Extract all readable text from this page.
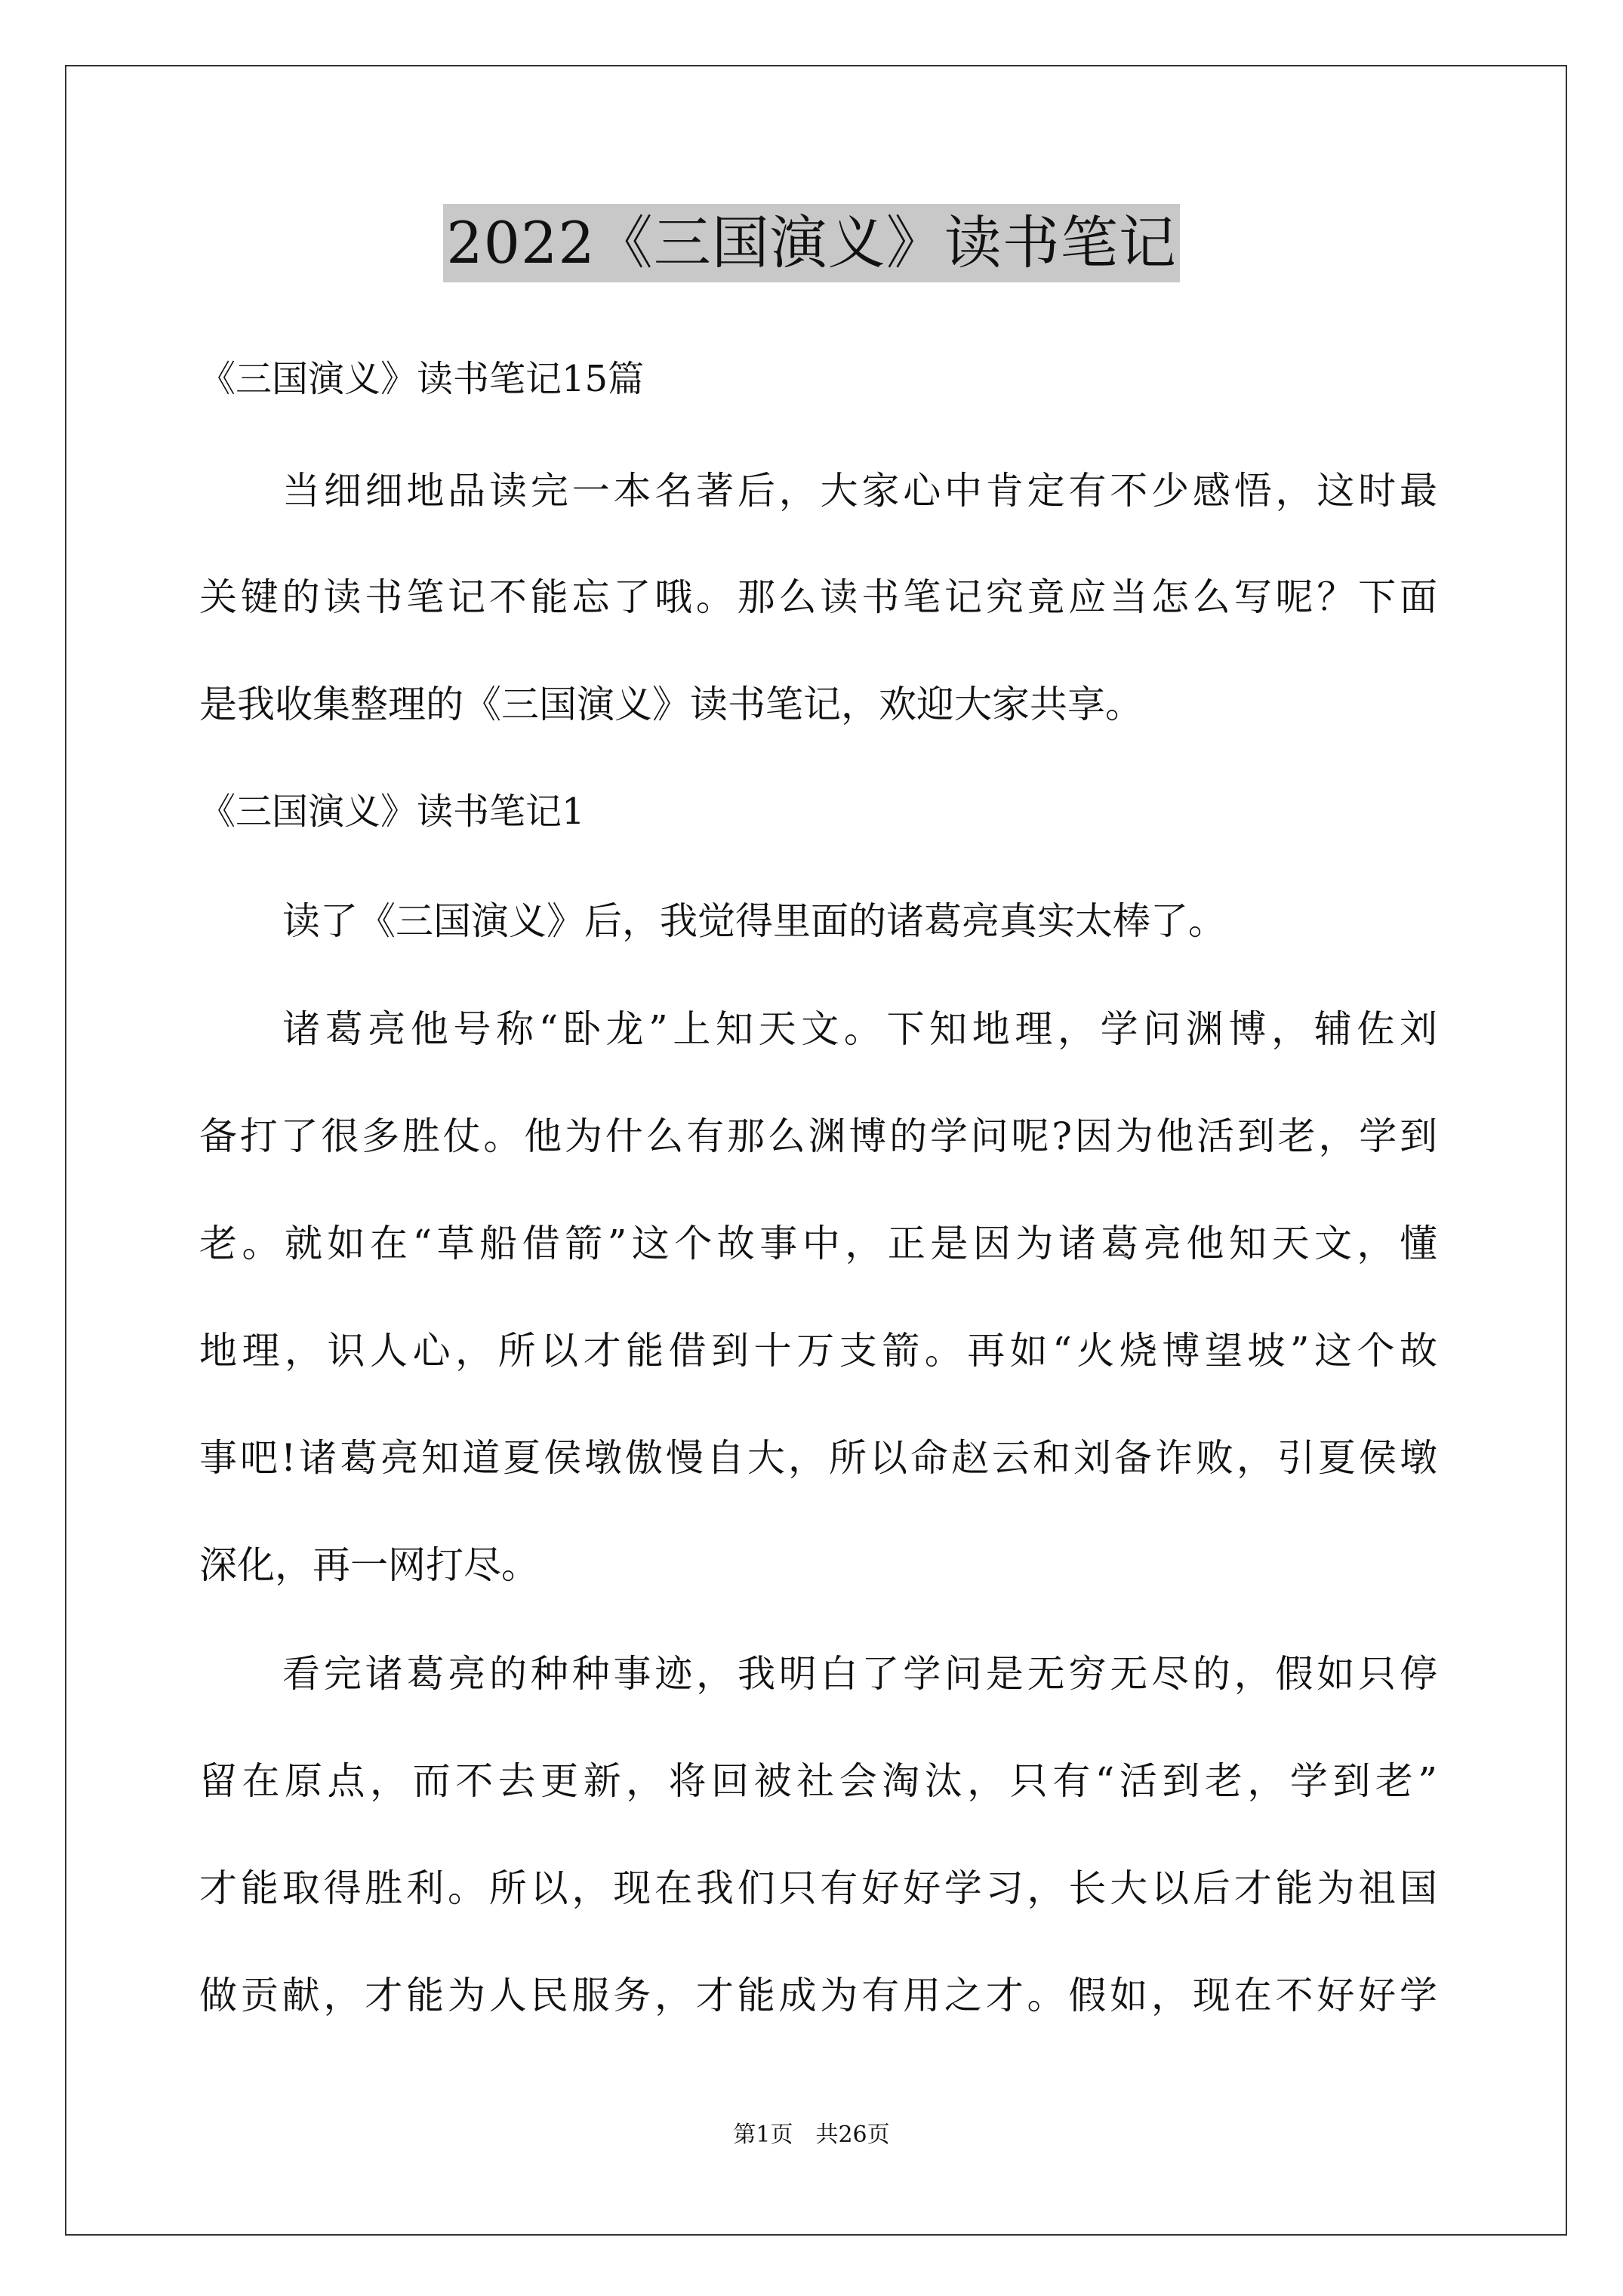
2022《三国演义》读书笔记
《三国演义》读书笔记15篇
当细细地品读完一本名著后，大家心中肯定有不少感悟，这时最
关键的读书笔记不能忘了哦。那么读书笔记究竟应当怎么写呢？下面
是我收集整理的《三国演义》读书笔记，欢迎大家共享。
《三国演义》读书笔记1
读了《三国演义》后，我觉得里面的诸葛亮真实太棒了。
诸葛亮他号称“卧龙”上知天文。下知地理，学问渊博，辅佐刘
备打了很多胜仗。他为什么有那么渊博的学问呢?因为他活到老，学到
老。就如在“草船借箭”这个故事中，正是因为诸葛亮他知天文，懂
地理，识人心，所以才能借到十万支箭。再如“火烧博望坡”这个故
事吧!诸葛亮知道夏侯墩傲慢自大，所以命赵云和刘备诈败，引夏侯墩
深化，再一网打尽。
看完诸葛亮的种种事迹，我明白了学问是无穷无尽的，假如只停
留在原点，而不去更新，将回被社会淘汰，只有“活到老，学到老”
才能取得胜利。所以，现在我们只有好好学习，长大以后才能为祖国
做贡献，才能为人民服务，才能成为有用之才。假如，现在不好好学
第1页　共26页
